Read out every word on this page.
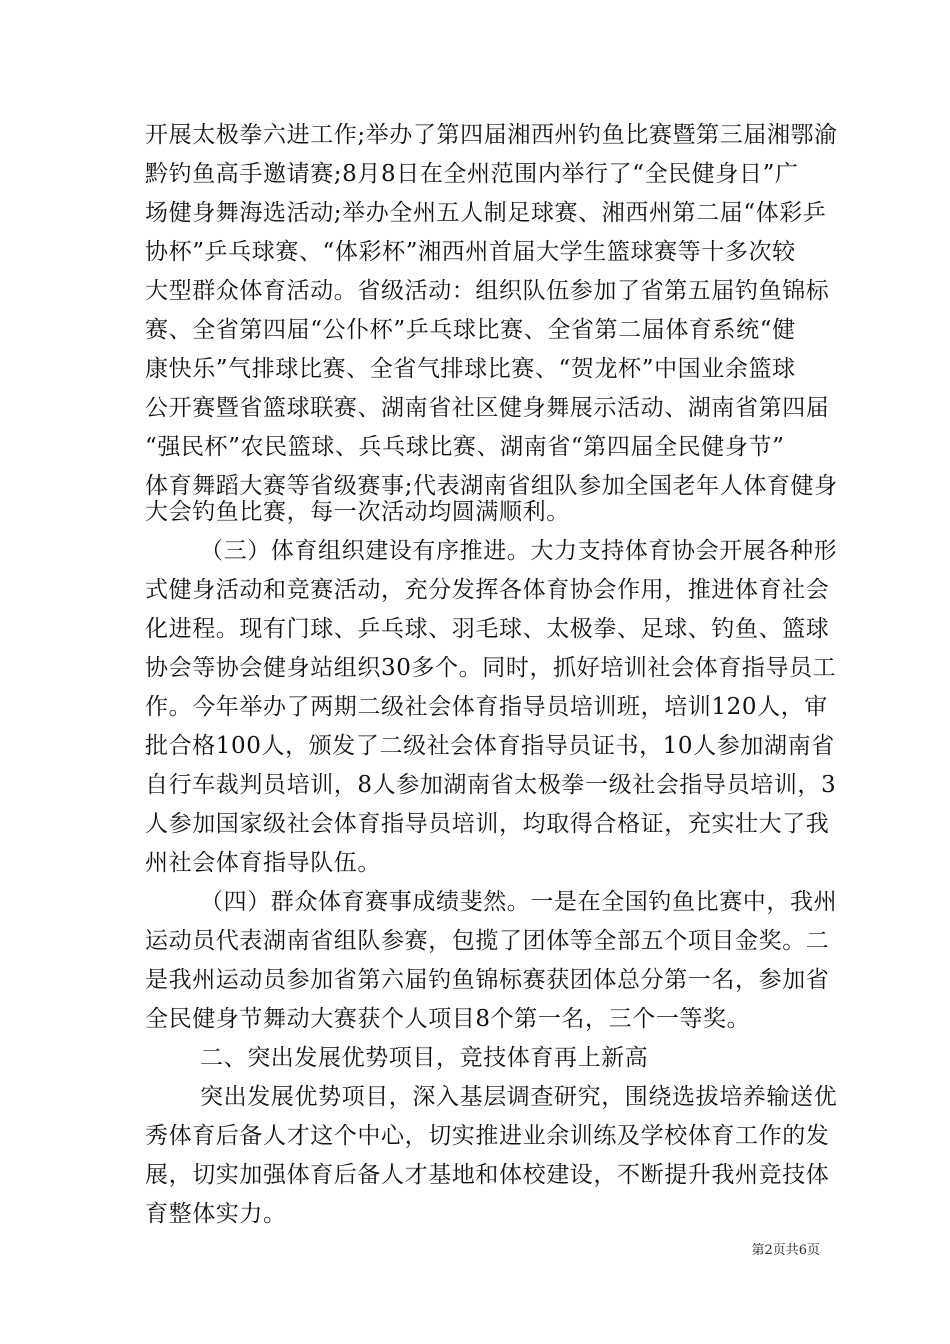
开展太极拳六进工作;举办了第四届湘西州钓鱼比赛暨第三届湘鄂渝
黔钓鱼高手邀请赛;8月8日在全州范围内举行了“全民健身日”广
场健身舞海选活动;举办全州五人制足球赛、湘西州第二届“体彩乒
协杯”乒乓球赛、“体彩杯”湘西州首届大学生篮球赛等十多次较
大型群众体育活动。省级活动：组织队伍参加了省第五届钓鱼锦标
赛、全省第四届“公仆杯”乒乓球比赛、全省第二届体育系统“健
康快乐”气排球比赛、全省气排球比赛、“贺龙杯”中国业余篮球
公开赛暨省篮球联赛、湖南省社区健身舞展示活动、湖南省第四届
“强民杯”农民篮球、兵乓球比赛、湖南省“第四届全民健身节”
体育舞蹈大赛等省级赛事;代表湖南省组队参加全国老年人体育健身
大会钓鱼比赛，每一次活动均圆满顺利。
（三）体育组织建设有序推进。大力支持体育协会开展各种形
式健身活动和竞赛活动，充分发挥各体育协会作用，推进体育社会
化进程。现有门球、乒乓球、羽毛球、太极拳、足球、钓鱼、篮球
协会等协会健身站组织30多个。同时，抓好培训社会体育指导员工
作。今年举办了两期二级社会体育指导员培训班，培训120人，审
批合格100人，颁发了二级社会体育指导员证书，10人参加湖南省
自行车裁判员培训，8人参加湖南省太极拳一级社会指导员培训，3
人参加国家级社会体育指导员培训，均取得合格证，充实壮大了我
州社会体育指导队伍。
（四）群众体育赛事成绩斐然。一是在全国钓鱼比赛中，我州
运动员代表湖南省组队参赛，包揽了团体等全部五个项目金奖。二
是我州运动员参加省第六届钓鱼锦标赛获团体总分第一名，参加省
全民健身节舞动大赛获个人项目8个第一名，三个一等奖。
二、突出发展优势项目，竞技体育再上新高
突出发展优势项目，深入基层调查研究，围绕选拔培养输送优
秀体育后备人才这个中心，切实推进业余训练及学校体育工作的发
展，切实加强体育后备人才基地和体校建设，不断提升我州竞技体
育整体实力。
第2页共6页
